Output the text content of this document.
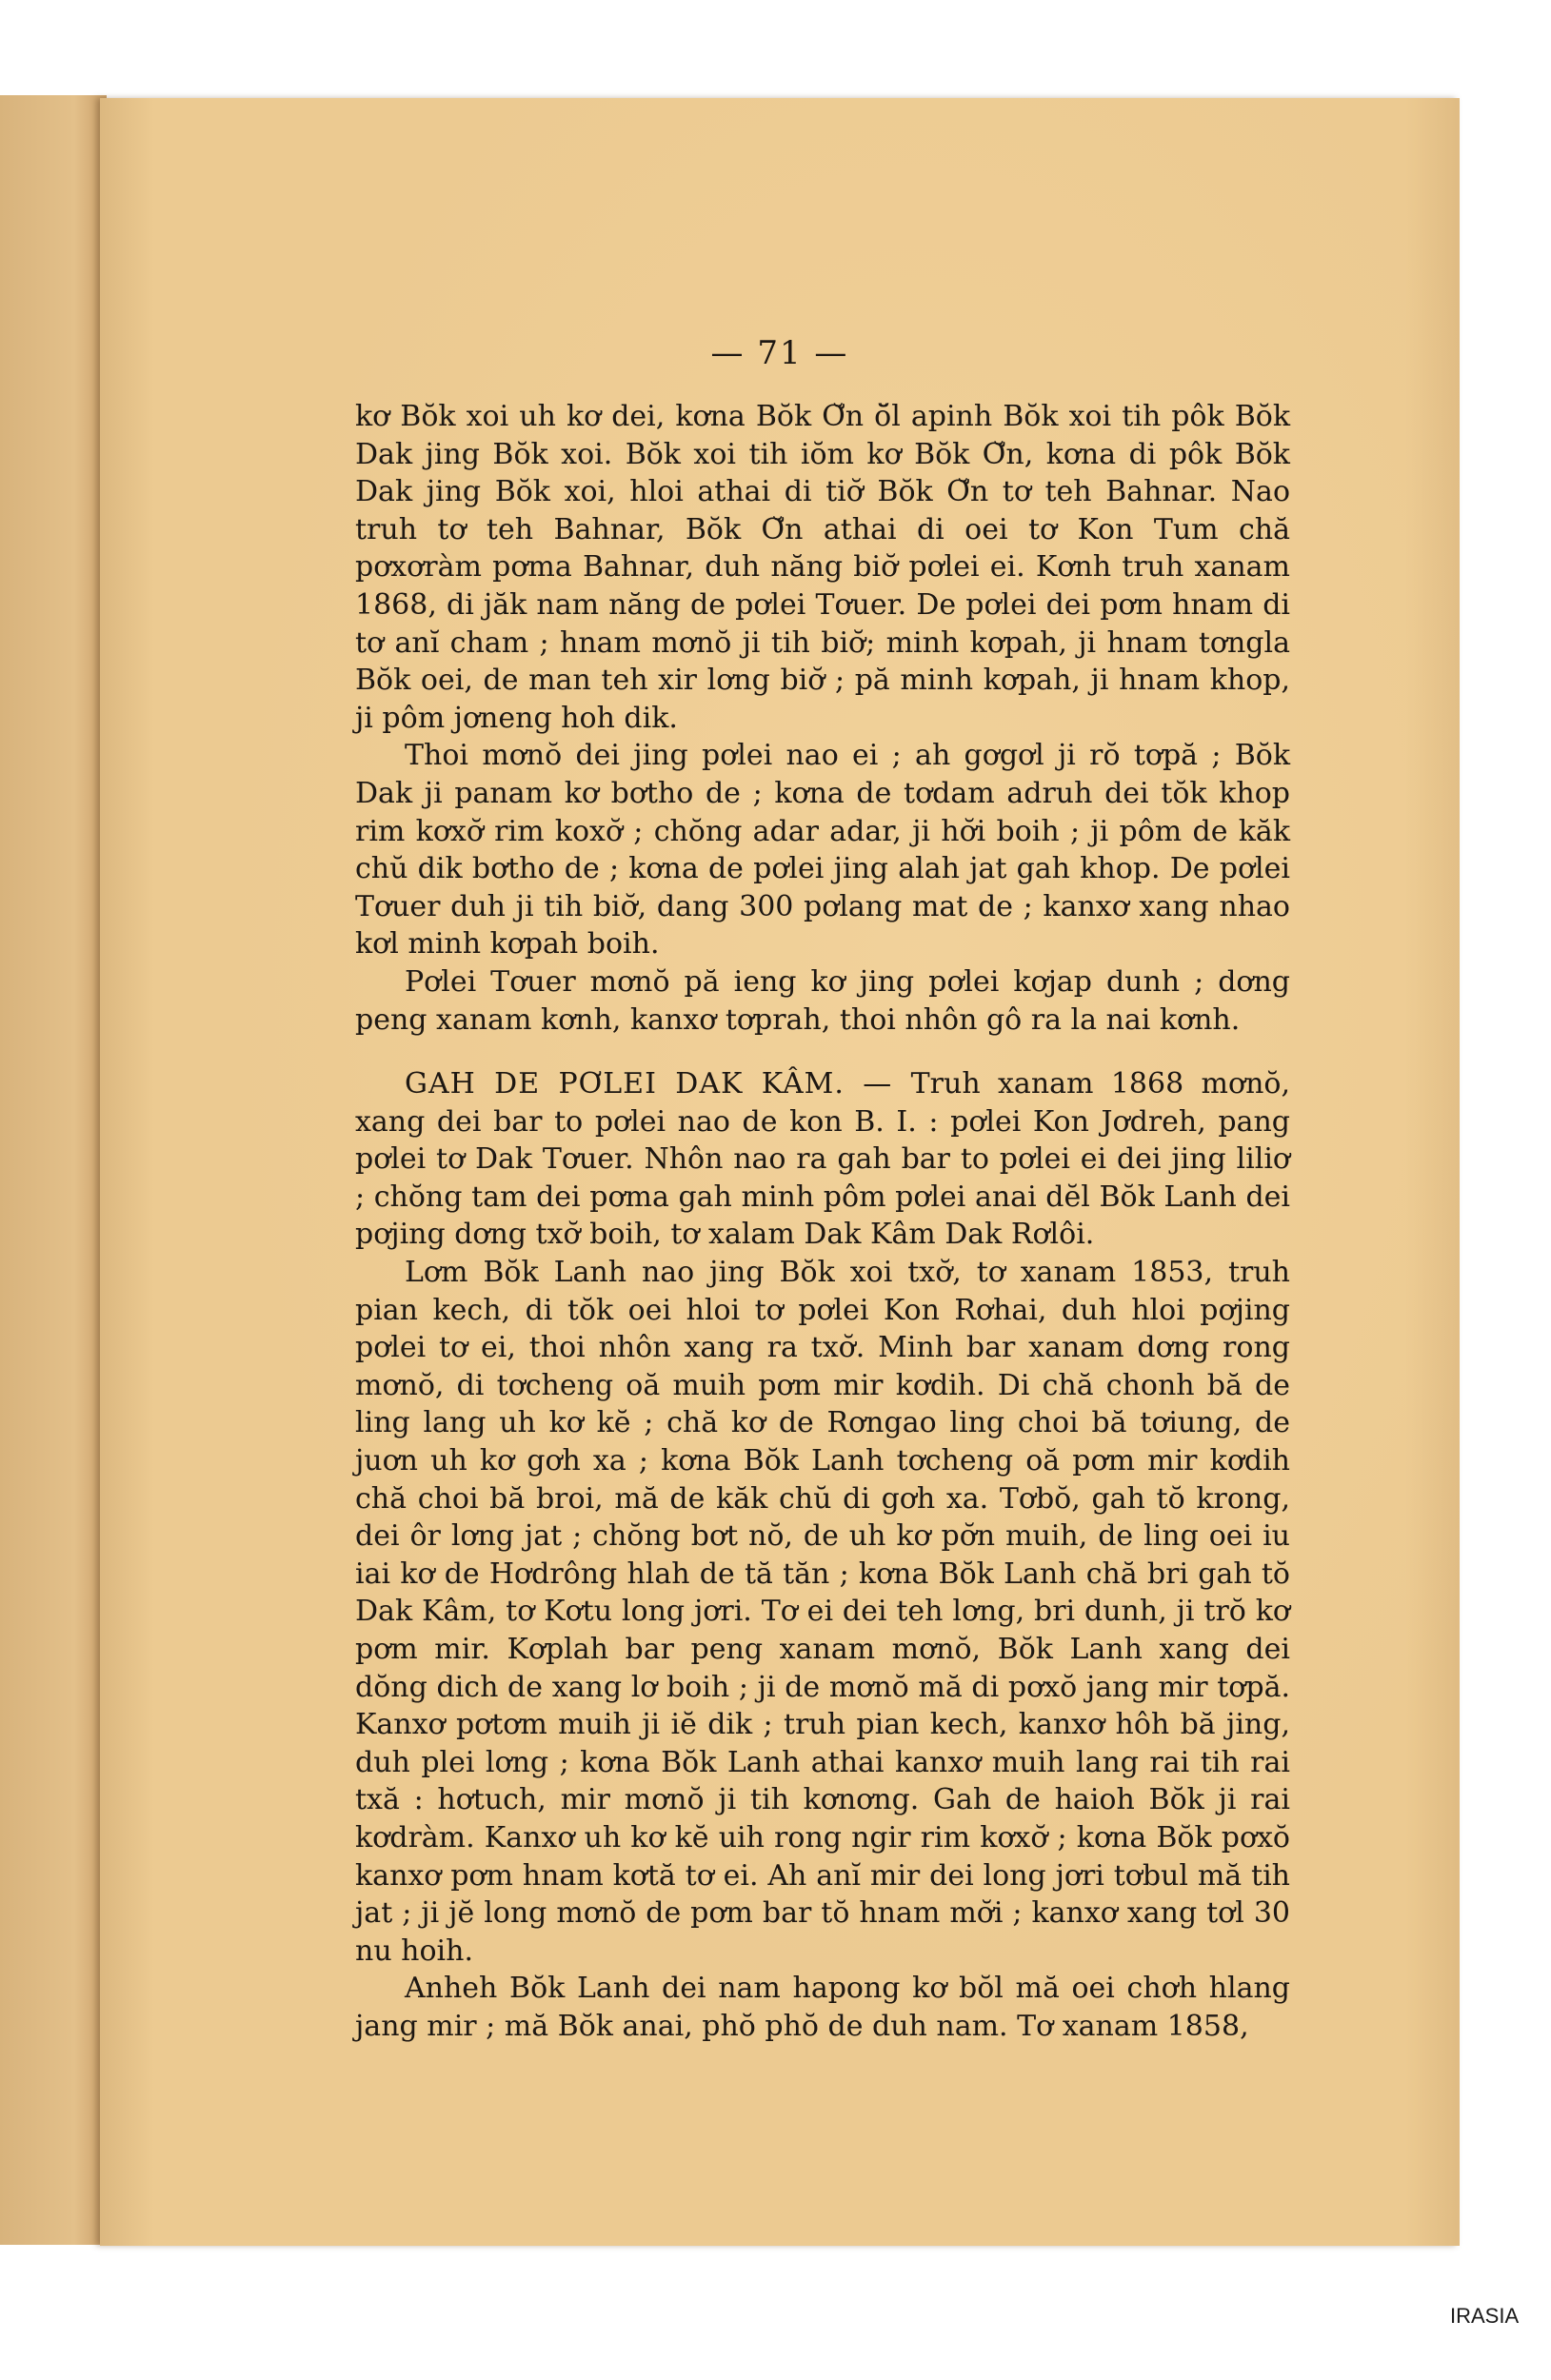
— 71 —

kơ Bŏk xoi uh kơ dei, kơna Bŏk Ơ̆n ŏ̆l apinh Bŏk xoi tih pôk Bŏk Dak jing Bŏk xoi. Bŏk xoi tih iŏm kơ Bŏk Ơ̆n, kơna di pôk Bŏk Dak jing Bŏk xoi, hloi athai di tiơ̆ Bŏk Ơ̆n tơ teh Bahnar. Nao truh tơ teh Bahnar, Bŏk Ơ̆n athai di oei tơ Kon Tum chă pơxơràm pơma Bahnar, duh năng biơ̆ pơlei ei. Kơnh truh xanam 1868, di jăk nam năng de pơlei Tơuer. De pơlei dei pơm hnam di tơ anĭ cham ; hnam mơnŏ ji tih biơ̆; minh kơpah, ji hnam tơngla Bŏk oei, de man teh xir lơng biơ̆ ; pă minh kơpah, ji hnam khop, ji pôm jơneng hoh dik.

Thoi mơnŏ dei jing pơlei nao ei ; ah gơgơl ji rŏ tơpă ; Bŏk Dak ji panam kơ bơtho de ; kơna de tơdam adruh dei tŏk khop rim kơxơ̆ rim koxơ̆ ; chŏng adar adar, ji hơ̆i boih ; ji pôm de kăk chŭ dik bơtho de ; kơna de pơlei jing alah jat gah khop. De pơlei Tơuer duh ji tih biơ̆, dang 300 pơlang mat de ; kanxơ xang nhao kơl minh kơpah boih.

Pơlei Tơuer mơnŏ pă ieng kơ jing pơlei kơjap dunh ; dơng peng xanam kơnh, kanxơ tơprah, thoi nhôn gô ra la nai kơnh.

GAH DE PƠLEI DAK KÂM. — Truh xanam 1868 mơnŏ, xang dei bar to pơlei nao de kon B. I. : pơlei Kon Jơdreh, pang pơlei tơ Dak Tơuer. Nhôn nao ra gah bar to pơlei ei dei jing liliơ ; chŏng tam dei pơma gah minh pôm pơlei anai dĕl Bŏk Lanh dei pơjing dơng txơ̆ boih, tơ xalam Dak Kâm Dak Rơlôi.

Lơm Bŏk Lanh nao jing Bŏk xoi txơ̆, tơ xanam 1853, truh pian kech, di tŏk oei hloi tơ pơlei Kon Rơhai, duh hloi pơjing pơlei tơ ei, thoi nhôn xang ra txơ̆. Minh bar xanam dơng rong mơnŏ, di tơcheng oă muih pơm mir kơdih. Di chă chonh bă de ling lang uh kơ kĕ ; chă kơ de Rơngao ling choi bă tơiung, de juơn uh kơ gơh xa ; kơna Bŏk Lanh tơcheng oă pơm mir kơdih chă choi bă broi, mă de kăk chŭ di gơh xa. Tơbŏ, gah tŏ krong, dei ôr lơng jat ; chŏng bơt nŏ, de uh kơ pơ̆n muih, de ling oei iu iai kơ de Hơdrông hlah de tă tăn ; kơna Bŏk Lanh chă bri gah tŏ Dak Kâm, tơ Kơtu long jơri. Tơ ei dei teh lơng, bri dunh, ji trŏ kơ pơm mir. Kơplah bar peng xanam mơnŏ, Bŏk Lanh xang dei dŏng dich de xang lơ boih ; ji de mơnŏ mă di pơxŏ jang mir tơpă. Kanxơ pơtơm muih ji iĕ dik ; truh pian kech, kanxơ hôh bă jing, duh plei lơng ; kơna Bŏk Lanh athai kanxơ muih lang rai tih rai txă : hơtuch, mir mơnŏ ji tih kơnơng. Gah de haioh Bŏk ji rai kơdràm. Kanxơ uh kơ kĕ uih rong ngir rim kơxơ̆ ; kơna Bŏk pơxŏ kanxơ pơm hnam kơtă tơ ei. Ah anĭ mir dei long jơri tơbul mă tih jat ; ji jĕ long mơnŏ de pơm bar tŏ hnam mơ̆i ; kanxơ xang tơl 30 nu hoih.

Anheh Bŏk Lanh dei nam hapong kơ bŏl mă oei chơh hlang jang mir ; mă Bŏk anai, phŏ phŏ de duh nam. Tơ xanam 1858,

IRASIA
